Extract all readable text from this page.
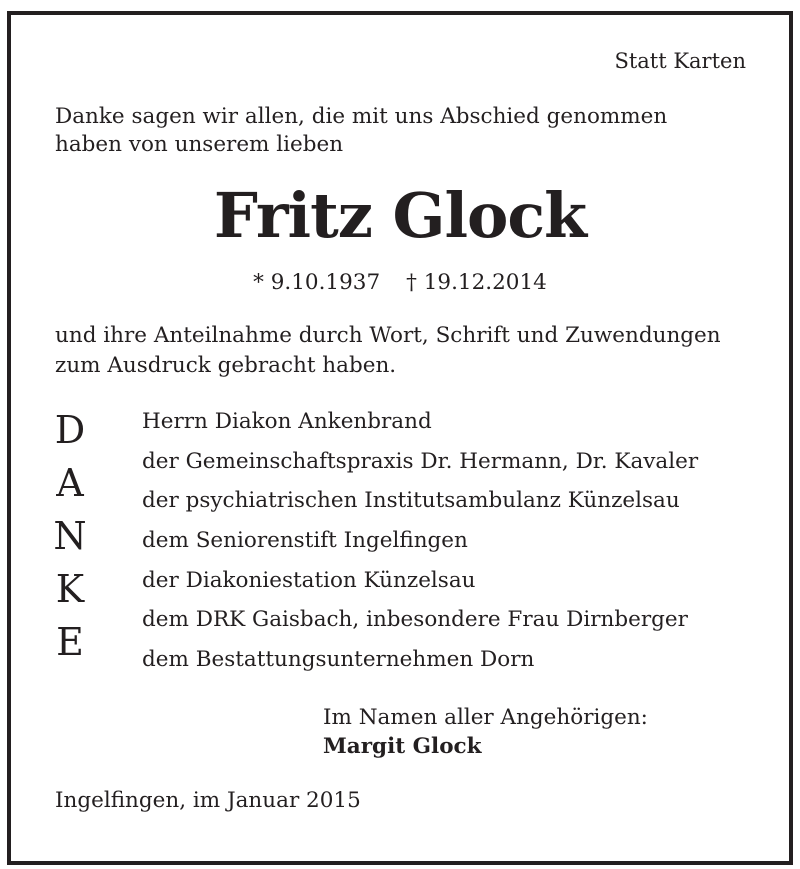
Statt Karten
Danke sagen wir allen, die mit uns Abschied genommen
haben von unserem lieben
Fritz Glock
* 9.10.1937 † 19.12.2014
und ihre Anteilnahme durch Wort, Schrift und Zuwendungen
zum Ausdruck gebracht haben.
D
A
N
K
E
Herrn Diakon Ankenbrand
der Gemeinschaftspraxis Dr. Hermann, Dr. Kavaler
der psychiatrischen Institutsambulanz Künzelsau
dem Seniorenstift Ingelfingen
der Diakoniestation Künzelsau
dem DRK Gaisbach, inbesondere Frau Dirnberger
dem Bestattungsunternehmen Dorn
Im Namen aller Angehörigen:
Margit Glock
Ingelfingen, im Januar 2015
